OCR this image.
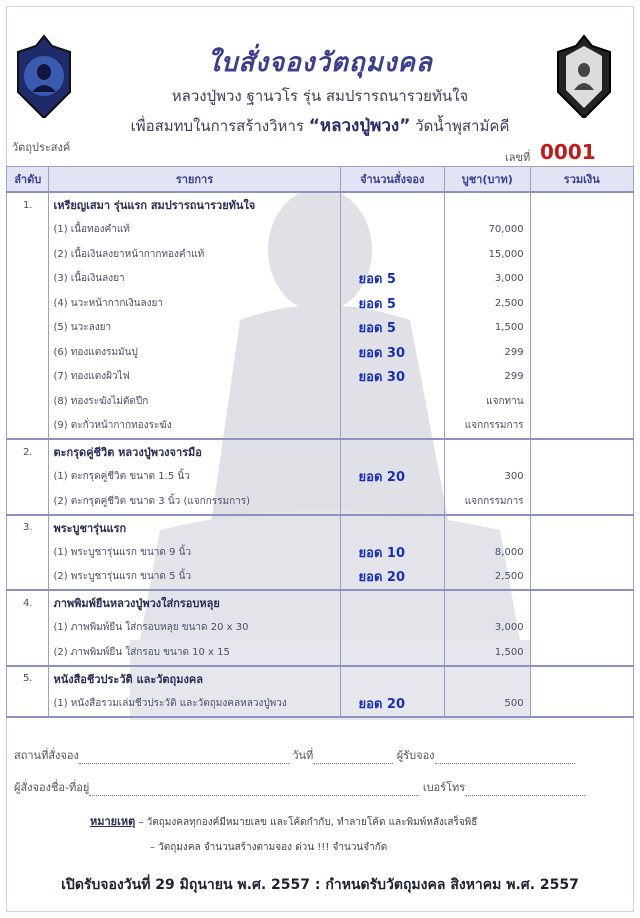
ใบสั่งจองวัตถุมงคล
หลวงปู่พวง ฐานวโร รุ่น สมปรารถนารวยทันใจ
เพื่อสมทบในการสร้างวิหาร “หลวงปู่พวง” วัดน้ำพุสามัคคี
วัตถุประสงค์
เลขที่ 0001
ลำดับ	รายการ	จำนวนสั่งจอง	บูชา(บาท)	รวมเงิน
1.	เหรียญเสมา รุ่นแรก สมปรารถนารวยทันใจ			
	(1) เนื้อทองคำแท้		70,000	
	(2) เนื้อเงินลงยาหน้ากากทองคำแท้		15,000	
	(3) เนื้อเงินลงยา	ยอด 5	3,000	
	(4) นวะหน้ากากเงินลงยา	ยอด 5	2,500	
	(5) นวะลงยา	ยอด 5	1,500	
	(6) ทองแดงรมมันปู	ยอด 30	299	
	(7) ทองแดงผิวไฟ	ยอด 30	299	
	(8) ทองระฆังไม่ตัดปีก		แจกทาน	
	(9) ตะกั่วหน้ากากทองระฆัง		แจกกรรมการ	
2.	ตะกรุดคู่ชีวิต หลวงปู่พวงจารมือ			
	(1) ตะกรุดคู่ชีวิต ขนาด 1.5 นิ้ว	ยอด 20	300	
	(2) ตะกรุดคู่ชีวิต ขนาด 3 นิ้ว (แจกกรรมการ)		แจกกรรมการ	
3.	พระบูชารุ่นแรก			
	(1) พระบูชารุ่นแรก ขนาด 9 นิ้ว	ยอด 10	8,000	
	(2) พระบูชารุ่นแรก ขนาด 5 นิ้ว	ยอด 20	2,500	
4.	ภาพพิมพ์ยืนหลวงปู่พวงใส่กรอบหลุย			
	(1) ภาพพิมพ์ยืน ใส่กรอบหลุย ขนาด 20 x 30		3,000	
	(2) ภาพพิมพ์ยืน ใส่กรอบ ขนาด 10 x 15		1,500	
5.	หนังสือชีวประวัติ และวัตถุมงคล			
	(1) หนังสือรวมเล่มชีวประวัติ และวัตถุมงคลหลวงปู่พวง	ยอด 20	500	
สถานที่สั่งจอง	วันที่	ผู้รับจอง
ผู้สั่งจองชื่อ-ที่อยู่	เบอร์โทร
หมายเหตุ – วัตถุมงคลทุกองค์มีหมายเลข และโค้ดกำกับ, ทำลายโค้ด และพิมพ์หลังเสร็จพิธี
– วัตถุมงคล จำนวนสร้างตามจอง ด่วน !!! จำนวนจำกัด
เปิดรับจองวันที่ 29 มิถุนายน พ.ศ. 2557 : กำหนดรับวัตถุมงคล สิงหาคม พ.ศ. 2557
